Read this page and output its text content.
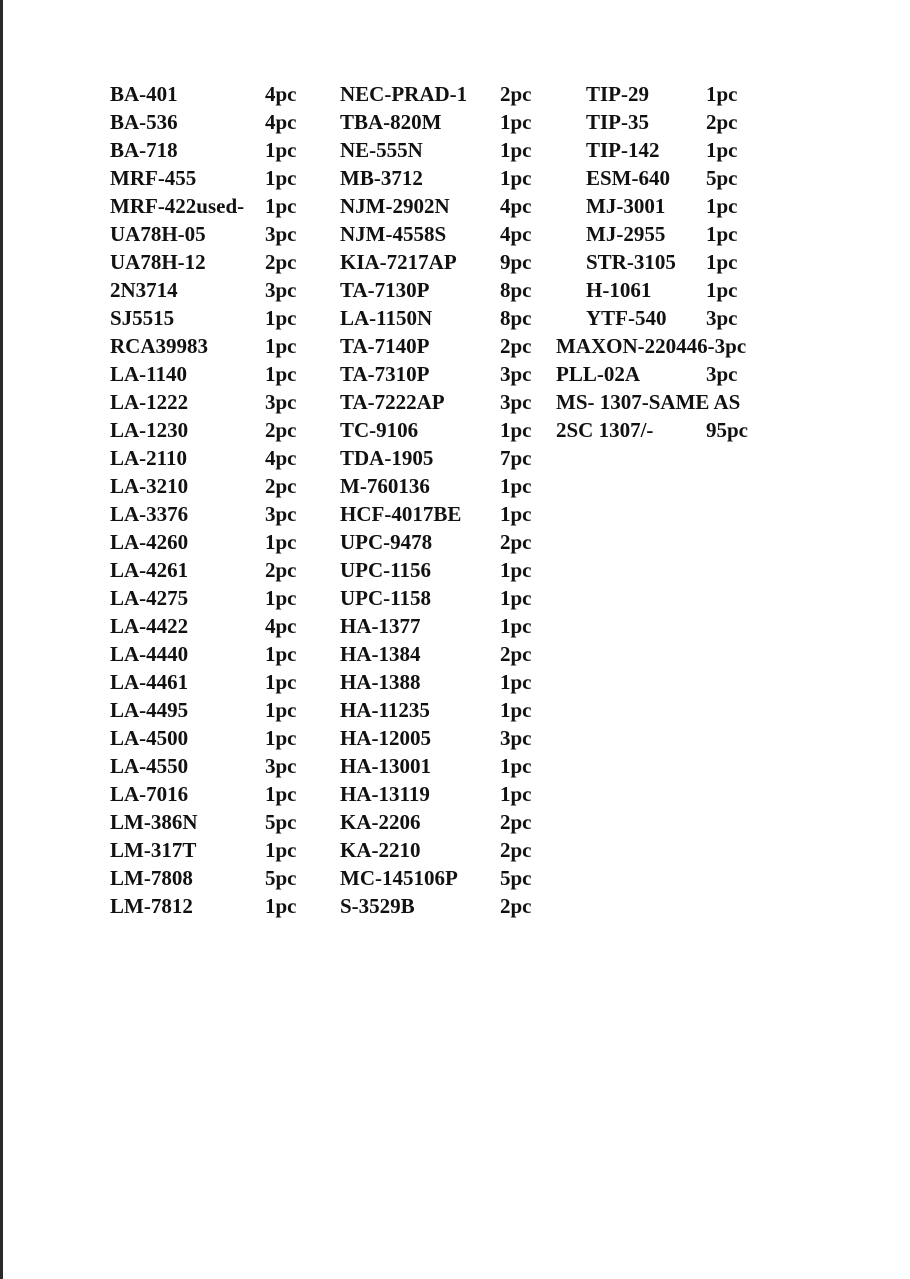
BA-401	4pc
BA-536	4pc
BA-718	1pc
MRF-455	1pc
MRF-422used- 1pc
UA78H-05	3pc
UA78H-12	2pc
2N3714	3pc
SJ5515	1pc
RCA39983	1pc
LA-1140	1pc
LA-1222	3pc
LA-1230	2pc
LA-2110	4pc
LA-3210	2pc
LA-3376	3pc
LA-4260	1pc
LA-4261	2pc
LA-4275	1pc
LA-4422	4pc
LA-4440	1pc
LA-4461	1pc
LA-4495	1pc
LA-4500	1pc
LA-4550	3pc
LA-7016	1pc
LM-386N	5pc
LM-317T	1pc
LM-7808	5pc
LM-7812	1pc
NEC-PRAD-1 2pc
TBA-820M	1pc
NE-555N	1pc
MB-3712	1pc
NJM-2902N 4pc
NJM-4558S	4pc
KIA-7217AP 9pc
TA-7130P	8pc
LA-1150N	8pc
TA-7140P	2pc
TA-7310P	3pc
TA-7222AP	3pc
TC-9106	1pc
TDA-1905	7pc
M-760136	1pc
HCF-4017BE 1pc
UPC-9478	2pc
UPC-1156	1pc
UPC-1158	1pc
HA-1377	1pc
HA-1384	2pc
HA-1388	1pc
HA-11235	1pc
HA-12005	3pc
HA-13001	1pc
HA-13119	1pc
KA-2206	2pc
KA-2210	2pc
MC-145106P 5pc
S-3529B	2pc
TIP-29	1pc
TIP-35	2pc
TIP-142 1pc
ESM-640 5pc
MJ-3001 1pc
MJ-2955 1pc
STR-3105 1pc
H-1061	1pc
YTF-540 3pc
MAXON-220446-3pc
PLL-02A	3pc
MS- 1307-SAME AS
2SC 1307/-	95pc
